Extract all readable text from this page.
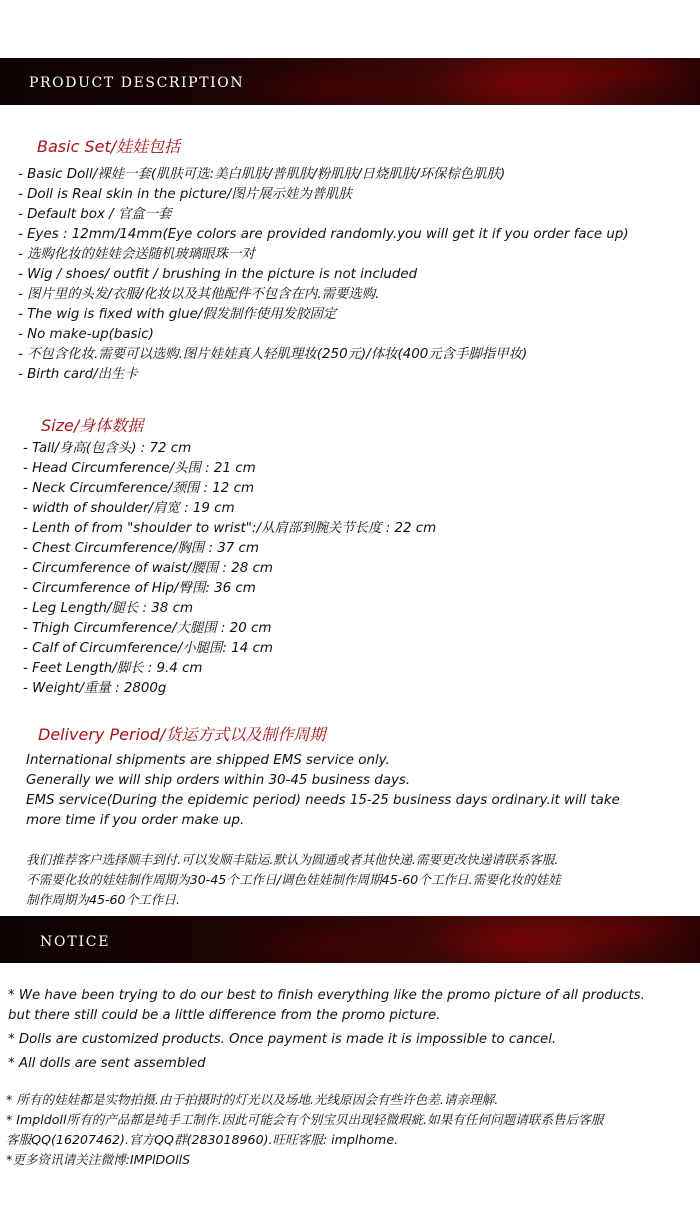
PRODUCT DESCRIPTION
Basic Set/娃娃包括
- Basic Doll/裸娃一套(肌肤可选:美白肌肤/普肌肤/粉肌肤/日烧肌肤/环保棕色肌肤)
- Doll is Real skin in the picture/图片展示娃为普肌肤
- Default box / 官盒一套
- Eyes : 12mm/14mm(Eye colors are provided randomly.you will get it if you order face up)
- 选购化妆的娃娃会送随机玻璃眼珠一对
- Wig / shoes/ outfit / brushing in the picture is not included
- 图片里的头发/衣服/化妆以及其他配件不包含在内.需要选购.
- The wig is fixed with glue/假发制作使用发胶固定
- No make-up(basic)
- 不包含化妆.需要可以选购.图片娃娃真人轻肌理妆(250元)/体妆(400元含手脚指甲妆)
- Birth card/出生卡
Size/身体数据
- Tall/身高(包含头) : 72 cm
- Head Circumference/头围 : 21 cm
- Neck Circumference/颈围 : 12 cm
- width of shoulder/肩宽 : 19 cm
- Lenth of from "shoulder to wrist":/从肩部到腕关节长度 : 22 cm
- Chest Circumference/胸围 : 37 cm
- Circumference of waist/腰围 : 28 cm
- Circumference of Hip/臀围: 36 cm
- Leg Length/腿长 : 38 cm
- Thigh Circumference/大腿围 : 20 cm
- Calf of Circumference/小腿围: 14 cm
- Feet Length/脚长 : 9.4 cm
- Weight/重量 : 2800g
Delivery Period/货运方式以及制作周期
International shipments are shipped EMS service only.
Generally we will ship orders within 30-45 business days.
EMS service(During the epidemic period) needs 15-25 business days ordinary.it will take
more time if you order make up.
我们推荐客户选择顺丰到付.可以发顺丰陆运.默认为圆通或者其他快递.需要更改快递请联系客服.
不需要化妆的娃娃制作周期为30-45个工作日/调色娃娃制作周期45-60个工作日.需要化妆的娃娃
制作周期为45-60个工作日.
NOTICE
* We have been trying to do our best to finish everything like the promo picture of all products.
but there still could be a little difference from the promo picture.
* Dolls are customized products. Once payment is made it is impossible to cancel.
* All dolls are sent assembled
* 所有的娃娃都是实物拍摄.由于拍摄时的灯光以及场地.光线原因会有些许色差.请亲理解.
* Impldoll所有的产品都是纯手工制作.因此可能会有个别宝贝出现轻微瑕疵.如果有任何问题请联系售后客服
客服QQ(16207462).官方QQ群(283018960).旺旺客服: implhome.
*更多资讯请关注微博:IMPlDOllS
